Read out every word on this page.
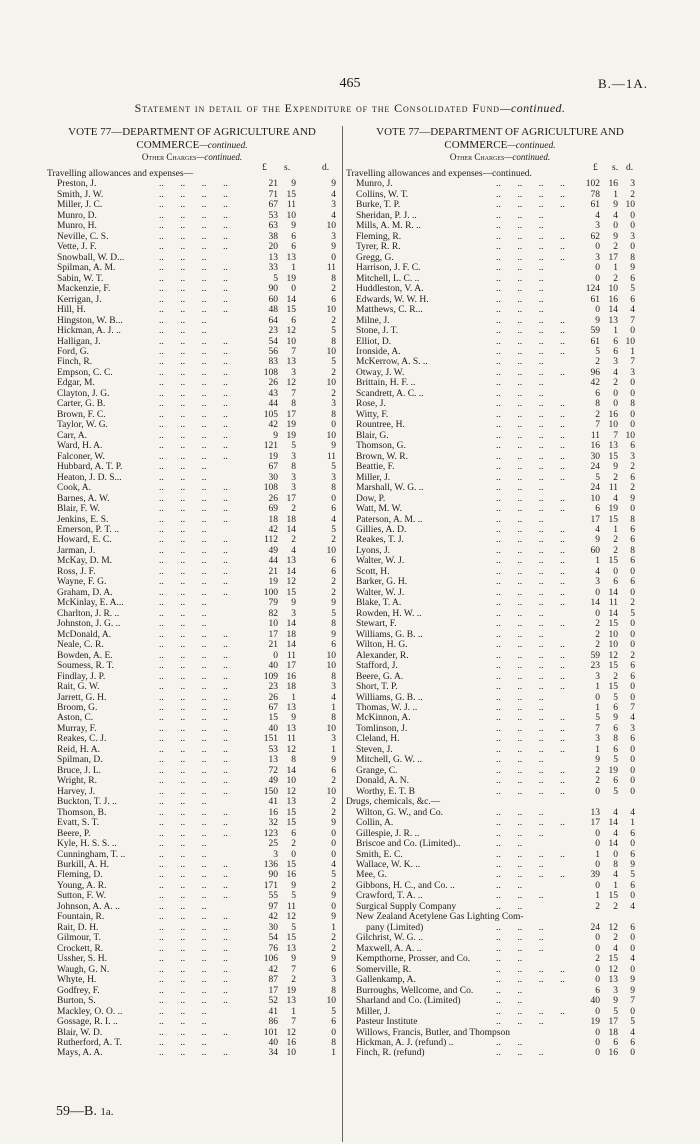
465	B.—1A.
Statement in detail of the Expenditure of the Consolidated Fund—continued.
VOTE 77—DEPARTMENT OF AGRICULTURE AND
COMMERCE—continued.
Other Charges—continued.
£ s.	d.
Travelling allowances and expenses—
Preston, J.	..       ..       ..       ..	21	9	9
Smith, J. W.	..       ..       ..       ..	71 15	4
Miller, J. C.	..       ..       ..       ..	67 11	3
Munro, D.	..       ..       ..       ..	53 10	4
Munro, H.	..       ..       ..       ..	63	9	10
Neville, C. S.	..       ..       ..       ..	38	6	3
Vette, J. F.	..       ..       ..       ..	20	6	9
Snowball, W. D...	..       ..       ..	13 13	0
Spilman, A. M.	..       ..       ..       ..	33	1	11
Sabin, W. T.	..       ..       ..       ..	5 19	8
Mackenzie, F.	..       ..       ..       ..	90	0	2
Kerrigan, J.	..       ..       ..       ..	60 14	6
Hill, H.	..       ..       ..       ..	48 15	10
Hingston, W. B...	..       ..       ..	64	6	2
Hickman, A. J. ..	..       ..       ..	23 12	5
Halligan, J.	..       ..       ..       ..	54 10	8
Ford, G.	..       ..       ..       ..	56	7	10
Finch, R.	..       ..       ..       ..	83 13	5
Empson, C. C.	..       ..       ..       ..	108	3	2
Edgar, M.	..       ..       ..       ..	26 12	10
Clayton, J. G.	..       ..       ..       ..	43	7	2
Carter, G. B.	..       ..       ..       ..	44	8	3
Brown, F. C.	..       ..       ..       ..	105 17	8
Taylor, W. G.	..       ..       ..       ..	42 19	0
Carr, A.	..       ..       ..       ..	9 19	10
Ward, H. A.	..       ..       ..       ..	121	5	9
Falconer, W.	..       ..       ..       ..	19	3	11
Hubbard, A. T. P.	..       ..       ..	67	8	5
Heaton, J. D. S...	..       ..       ..	30	3	3
Cook, A.	..       ..       ..       ..	108	3	8
Barnes, A. W.	..       ..       ..       ..	26 17	0
Blair, F. W.	..       ..       ..       ..	69	2	6
Jenkins, E. S.	..       ..       ..       ..	18 18	4
Emerson, P. T. ..	..       ..       ..	42 14	5
Howard, E. C.	..       ..       ..       ..	112	2	2
Jarman, J.	..       ..       ..       ..	49	4	10
McKay, D. M.	..       ..       ..       ..	44 13	6
Ross, J. F.	..       ..       ..       ..	21 14	6
Wayne, F. G.	..       ..       ..       ..	19 12	2
Graham, D. A.	..       ..       ..       ..	100 15	2
McKinlay, E. A...	..       ..       ..	79	9	9
Charlton, J. R. ..	..       ..       ..	82	3	5
Johnston, J. G. ..	..       ..       ..	10 14	8
McDonald, A.	..       ..       ..       ..	17 18	9
Neale, C. R.	..       ..       ..       ..	21 14	6
Bowden, A. E.	..       ..       ..       ..	0 11	10
Soumess, R. T.	..       ..       ..       ..	40 17	10
Findlay, J. P.	..       ..       ..       ..	109 16	8
Rait, G. W.	..       ..       ..       ..	23 18	3
Jarrett, G. H.	..       ..       ..       ..	26	1	4
Broom, G.	..       ..       ..       ..	67 13	1
Aston, C.	..       ..       ..       ..	15	9	8
Murray, F.	..       ..       ..       ..	40 13	10
Reakes, C. J.	..       ..       ..       ..	151 11	3
Reid, H. A.	..       ..       ..       ..	53 12	1
Spilman, D.	..       ..       ..       ..	13	8	9
Bruce, J. L.	..       ..       ..       ..	72 14	6
Wright, R.	..       ..       ..       ..	49 10	2
Harvey, J.	..       ..       ..       ..	150 12	10
Buckton, T. J. ..	..       ..       ..	41 13	2
Thomson, B.	..       ..       ..       ..	16 15	2
Evatt, S. T.	..       ..       ..       ..	32 15	9
Beere, P.	..       ..       ..       ..	123	6	0
Kyle, H. S. S. ..	..       ..       ..	25	2	0
Cunningham, T. ..	..       ..       ..	3	0	0
Burkill, A. H.	..       ..       ..       ..	136 15	4
Fleming, D.	..       ..       ..       ..	90 16	5
Young, A. R.	..       ..       ..       ..	171	9	2
Sutton, F. W.	..       ..       ..       ..	55	5	9
Johnson, A. A. ..	..       ..       ..	97 11	0
Fountain, R.	..       ..       ..       ..	42 12	9
Rait, D. H.	..       ..       ..       ..	30	5	1
Gilmour, T.	..       ..       ..       ..	54 15	2
Crockett, R.	..       ..       ..       ..	76 13	2
Ussher, S. H.	..       ..       ..       ..	106	9	9
Waugh, G. N.	..       ..       ..       ..	42	7	6
Whyte, H.	..       ..       ..       ..	87	2	3
Godfrey, F.	..       ..       ..       ..	17 19	8
Burton, S.	..       ..       ..       ..	52 13	10
Mackley, O. O. ..	..       ..       ..	41	1	5
Gossage, R. I. ..	..       ..       ..	86	7	6
Blair, W. D.	..       ..       ..       ..	101 12	0
Rutherford, A. T.	..       ..       ..	40 16	8
Mays, A. A.	..       ..       ..       ..	34 10	1
VOTE 77—DEPARTMENT OF AGRICULTURE AND
COMMERCE—continued.
Other Charges—continued.
£ s. d.
Travelling allowances and expenses—continued.
Munro, J.	..       ..       ..       ..	102 16	3
Collins, W. T.	..       ..       ..       ..	78	1	2
Burke, T. P.	..       ..       ..       ..	61	9 10
Sheridan, P. J. ..	..       ..       ..	4	4	0
Mills, A. M. R. ..	..       ..       ..	3	0	0
Fleming, R.	..       ..       ..       ..	62	9	3
Tyrer, R. R.	..       ..       ..       ..	0	2	0
Gregg, G.	..       ..       ..       ..	3 17	8
Harrison, J. F. C.	..       ..       ..	0	1	9
Mitchell, L. C. ..	..       ..       ..	0	2	6
Huddleston, V. A.	..       ..       ..	124 10	5
Edwards, W. W. H.	..       ..       ..	61 16	6
Matthews, C. R...	..       ..       ..	0 14	4
Milne, J.	..       ..       ..       ..	9 13	7
Stone, J. T.	..       ..       ..       ..	59	1	0
Elliot, D.	..       ..       ..       ..	61	6 10
Ironside, A.	..       ..       ..       ..	5	6	1
McKerrow, A. S. ..	..       ..       ..	2	3	7
Otway, J. W.	..       ..       ..       ..	96	4	3
Brittain, H. F. ..	..       ..       ..	42	2	0
Scandrett, A. C. ..	..       ..       ..	6	0	0
Rose, J.	..       ..       ..       ..	8	0	8
Witty, F.	..       ..       ..       ..	2 16	0
Rountree, H.	..       ..       ..       ..	7 10	0
Blair, G.	..       ..       ..       ..	11	7 10
Thomson, G.	..       ..       ..       ..	16 13	6
Brown, W. R.	..       ..       ..       ..	30 15	3
Beattie, F.	..       ..       ..       ..	24	9	2
Miller, J.	..       ..       ..       ..	5	2	6
Marshall, W. G. ..	..       ..       ..	24 11	2
Dow, P.	..       ..       ..       ..	10	4	9
Watt, M. W.	..       ..       ..       ..	6 19	0
Paterson, A. M. ..	..       ..       ..	17 15	8
Gillies, A. D.	..       ..       ..       ..	4	1	6
Reakes, T. J.	..       ..       ..       ..	9	2	6
Lyons, J.	..       ..       ..       ..	60	2	8
Walter, W. J.	..       ..       ..       ..	1 15	6
Scott, H.	..       ..       ..       ..	4	0	0
Barker, G. H.	..       ..       ..       ..	3	6	6
Walter, W. J.	..       ..       ..       ..	0 14	0
Blake, T. A.	..       ..       ..       ..	14 11	2
Rowden, H. W. ..	..       ..       ..	0 14	5
Stewart, F.	..       ..       ..       ..	2 15	0
Williams, G. B. ..	..       ..       ..	2 10	0
Wilton, H. G.	..       ..       ..       ..	2 10	0
Alexander, R.	..       ..       ..       ..	59 12	2
Stafford, J.	..       ..       ..       ..	23 15	6
Beere, G. A.	..       ..       ..       ..	3	2	6
Short, T. P.	..       ..       ..       ..	1 15	0
Williams, G. B. ..	..       ..       ..	0	5	0
Thomas, W. J. ..	..       ..       ..	1	6	7
McKinnon, A.	..       ..       ..       ..	5	9	4
Tomlinson, J.	..       ..       ..       ..	7	6	3
Cleland, H.	..       ..       ..       ..	3	8	6
Steven, J.	..       ..       ..       ..	1	6	0
Mitchell, G. W. ..	..       ..       ..	9	5	0
Grange, C.	..       ..       ..       ..	2 19	0
Donald, A. N.	..       ..       ..       ..	2	6	0
Worthy, E. T. B	..       ..       ..       ..	0	5	0
Drugs, chemicals, &c.—
Wilton, G. W., and Co.	..       ..       ..	13	4	4
Collin, A.	..       ..       ..       ..	17 14	1
Gillespie, J. R. ..	..       ..       ..	0	4	6
Briscoe and Co. (Limited)..	..       ..	0 14	0
Smith, E. C.	..       ..       ..       ..	1	0	6
Wallace, W. K. ..	..       ..       ..	0	8	9
Mee, G.	..       ..       ..       ..	39	4	5
Gibbons, H. C., and Co. ..	..       ..	0	1	6
Crawford, T. A. ..	..       ..       ..	1 15	0
Surgical Supply Company	..       ..	2	2	4
New Zealand Acetylene Gas Lighting Com-
pany (Limited)	..       ..       ..	24 12	6
Gilchrist, W. G. ..	..       ..       ..	0	2	0
Maxwell, A. A. ..	..       ..       ..	0	4	0
Kempthorne, Prosser, and Co.	..       ..	2 15	4
Somerville, R.	..       ..       ..       ..	0 12	0
Gallenkamp, A.	..       ..       ..       ..	0 13	9
Burroughs, Wellcome, and Co. ..       ..	6	3	9
Sharland and Co. (Limited)	..       ..	40	9	7
Miller, J.	..       ..       ..       ..	0	5	0
Pasteur Institute	..       ..       ..	19 17	5
Willows, Francis, Butler, and Thompson	0 18	4
Hickman, A. J. (refund) ..	..       ..	0	6	6
Finch, R. (refund)	..       ..       ..	0 16	0
59—B. 1a.
